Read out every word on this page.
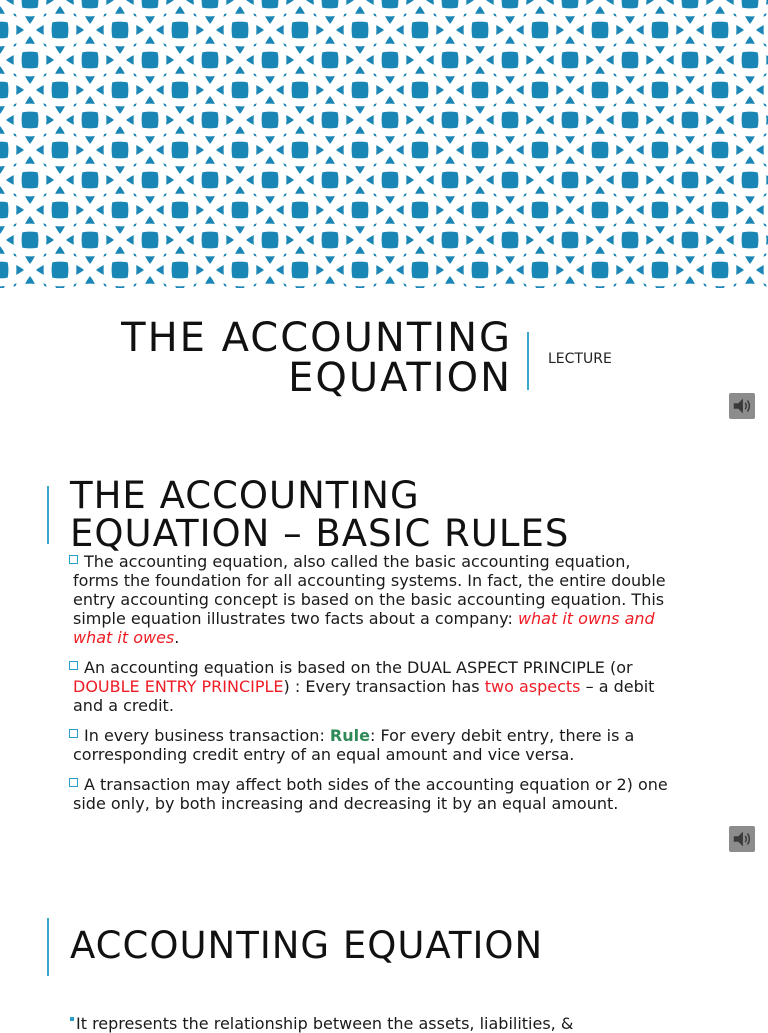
THE ACCOUNTING
EQUATION	LECTURE
THE ACCOUNTING
EQUATION – BASIC RULES
The accounting equation, also called the basic accounting equation, forms the foundation for all accounting systems. In fact, the entire double entry accounting concept is based on the basic accounting equation. This simple equation illustrates two facts about a company: what it owns and what it owes.
An accounting equation is based on the DUAL ASPECT PRINCIPLE (or DOUBLE ENTRY PRINCIPLE) : Every transaction has two aspects – a debit and a credit.
In every business transaction: Rule: For every debit entry, there is a corresponding credit entry of an equal amount and vice versa.
A transaction may affect both sides of the accounting equation or 2) one side only, by both increasing and decreasing it by an equal amount.
ACCOUNTING EQUATION
It represents the relationship between the assets, liabilities, &
